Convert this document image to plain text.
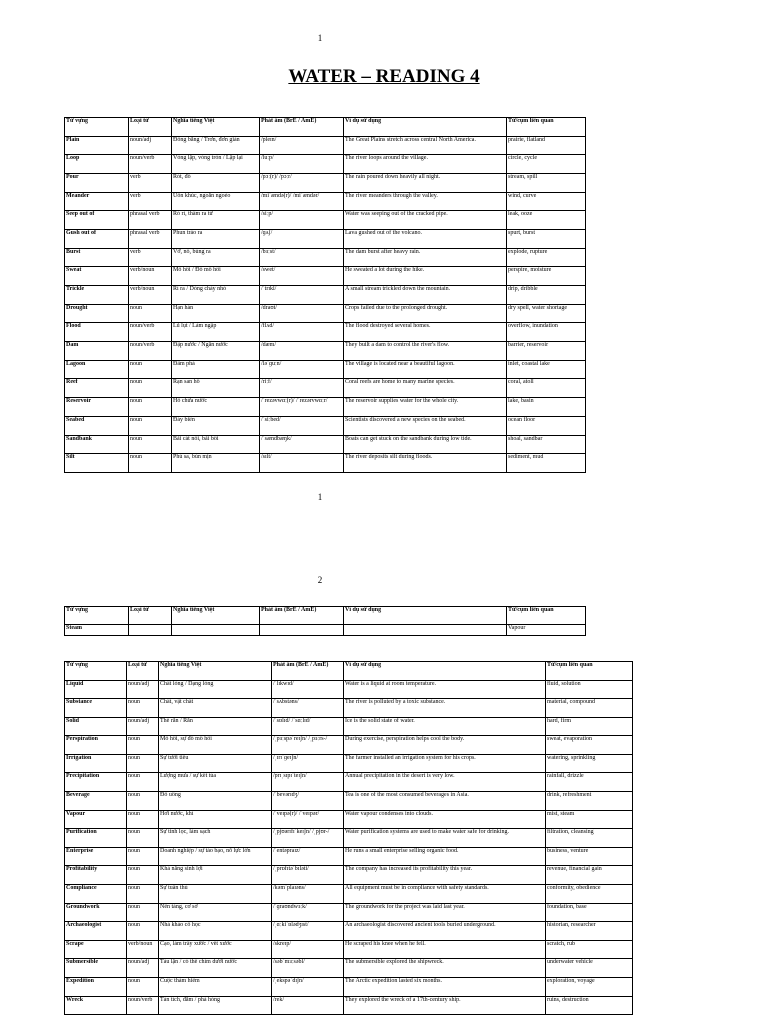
1
WATER – READING 4
Từ vựng	Loại từ	Nghĩa tiếng Việt	Phát âm (BrE / AmE)	Ví dụ sử dụng	Từ/cụm liên quan
Plain	noun/adj	Đồng bằng / Trơn, đơn giản	/pleɪn/	The Great Plains stretch across central North America.	prairie, flatland
Loop	noun/verb	Vòng lặp, vòng tròn / Lặp lại	/luːp/	The river loops around the village.	circle, cycle
Pour	verb	Rót, đổ	/pɔː(r)/ /pɔːr/	The rain poured down heavily all night.	stream, spill
Meander	verb	Uốn khúc, ngoằn ngoèo	/miˈændə(r)/ /miˈændər/	The river meanders through the valley.	wind, curve
Seep out of	phrasal verb	Rò rỉ, thấm ra từ	/siːp/	Water was seeping out of the cracked pipe.	leak, ooze
Gush out of	phrasal verb	Phun trào ra	/ɡʌʃ/	Lava gushed out of the volcano.	spurt, burst
Burst	verb	Vỡ, nổ, bùng ra	/bɜːst/	The dam burst after heavy rain.	explode, rupture
Sweat	verb/noun	Mồ hôi / Đổ mồ hôi	/swet/	He sweated a lot during the hike.	perspire, moisture
Trickle	verb/noun	Rỉ ra / Dòng chảy nhỏ	/ˈtrɪkl/	A small stream trickled down the mountain.	drip, dribble
Drought	noun	Hạn hán	/draʊt/	Crops failed due to the prolonged drought.	dry spell, water shortage
Flood	noun/verb	Lũ lụt / Làm ngập	/flʌd/	The flood destroyed several homes.	overflow, inundation
Dam	noun/verb	Đập nước / Ngăn nước	/dæm/	They built a dam to control the river's flow.	barrier, reservoir
Lagoon	noun	Đầm phá	/ləˈɡuːn/	The village is located near a beautiful lagoon.	inlet, coastal lake
Reef	noun	Rạn san hô	/riːf/	Coral reefs are home to many marine species.	coral, atoll
Reservoir	noun	Hồ chứa nước	/ˈrezəvwɑː(r)/ /ˈrezərvwɑːr/	The reservoir supplies water for the whole city.	lake, basin
Seabed	noun	Đáy biển	/ˈsiːbed/	Scientists discovered a new species on the seabed.	ocean floor
Sandbank	noun	Bãi cát nổi, bãi bồi	/ˈsændbæŋk/	Boats can get stuck on the sandbank during low tide.	shoal, sandbar
Silt	noun	Phù sa, bùn mịn	/sɪlt/	The river deposits silt during floods.	sediment, mud
1
2
Từ vựng	Loại từ	Nghĩa tiếng Việt	Phát âm (BrE / AmE)	Ví dụ sử dụng	Từ/cụm liên quan
Steam					Vapour
Từ vựng	Loại từ	Nghĩa tiếng Việt	Phát âm (BrE / AmE)	Ví dụ sử dụng	Từ/cụm liên quan
Liquid	noun/adj	Chất lỏng / Dạng lỏng	/ˈlɪkwɪd/	Water is a liquid at room temperature.	fluid, solution
Substance	noun	Chất, vật chất	/ˈsʌbstəns/	The river is polluted by a toxic substance.	material, compound
Solid	noun/adj	Thể rắn / Rắn	/ˈsɒlɪd/ /ˈsɑːlɪd/	Ice is the solid state of water.	hard, firm
Perspiration	noun	Mồ hôi, sự đổ mồ hôi	/ˌpɜːspəˈreɪʃn/ /ˌpɜːrs-/	During exercise, perspiration helps cool the body.	sweat, evaporation
Irrigation	noun	Sự tưới tiêu	/ˌɪrɪˈɡeɪʃn/	The farmer installed an irrigation system for his crops.	watering, sprinkling
Precipitation	noun	Lượng mưa / sự kết tủa	/prɪˌsɪpɪˈteɪʃn/	Annual precipitation in the desert is very low.	rainfall, drizzle
Beverage	noun	Đồ uống	/ˈbevərɪdʒ/	Tea is one of the most consumed beverages in Asia.	drink, refreshment
Vapour	noun	Hơi nước, khí	/ˈveɪpə(r)/ /ˈveɪpər/	Water vapour condenses into clouds.	mist, steam
Purification	noun	Sự tinh lọc, làm sạch	/ˌpjʊərɪfɪˈkeɪʃn/ /ˌpjʊr-/	Water purification systems are used to make water safe for drinking.	filtration, cleansing
Enterprise	noun	Doanh nghiệp / sự táo bạo, nỗ lực lớn	/ˈentəpraɪz/	He runs a small enterprise selling organic food.	business, venture
Profitability	noun	Khả năng sinh lợi	/ˌprɒfɪtəˈbɪləti/	The company has increased its profitability this year.	revenue, financial gain
Compliance	noun	Sự tuân thủ	/kəmˈplaɪəns/	All equipment must be in compliance with safety standards.	conformity, obedience
Groundwork	noun	Nền tảng, cơ sở	/ˈɡraʊndwɜːk/	The groundwork for the project was laid last year.	foundation, base
Archaeologist	noun	Nhà khảo cổ học	/ˌɑːkiˈɒlədʒɪst/	An archaeologist discovered ancient tools buried underground.	historian, researcher
Scrape	verb/noun	Cạo, làm trầy xước / vết xước	/skreɪp/	He scraped his knee when he fell.	scratch, rub
Submersible	noun/adj	Tàu lặn / có thể chìm dưới nước	/səbˈmɜːsəbl/	The submersible explored the shipwreck.	underwater vehicle
Expedition	noun	Cuộc thám hiểm	/ˌekspəˈdɪʃn/	The Arctic expedition lasted six months.	exploration, voyage
Wreck	noun/verb	Tàn tích, đắm / phá hỏng	/rek/	They explored the wreck of a 17th-century ship.	ruins, destruction
